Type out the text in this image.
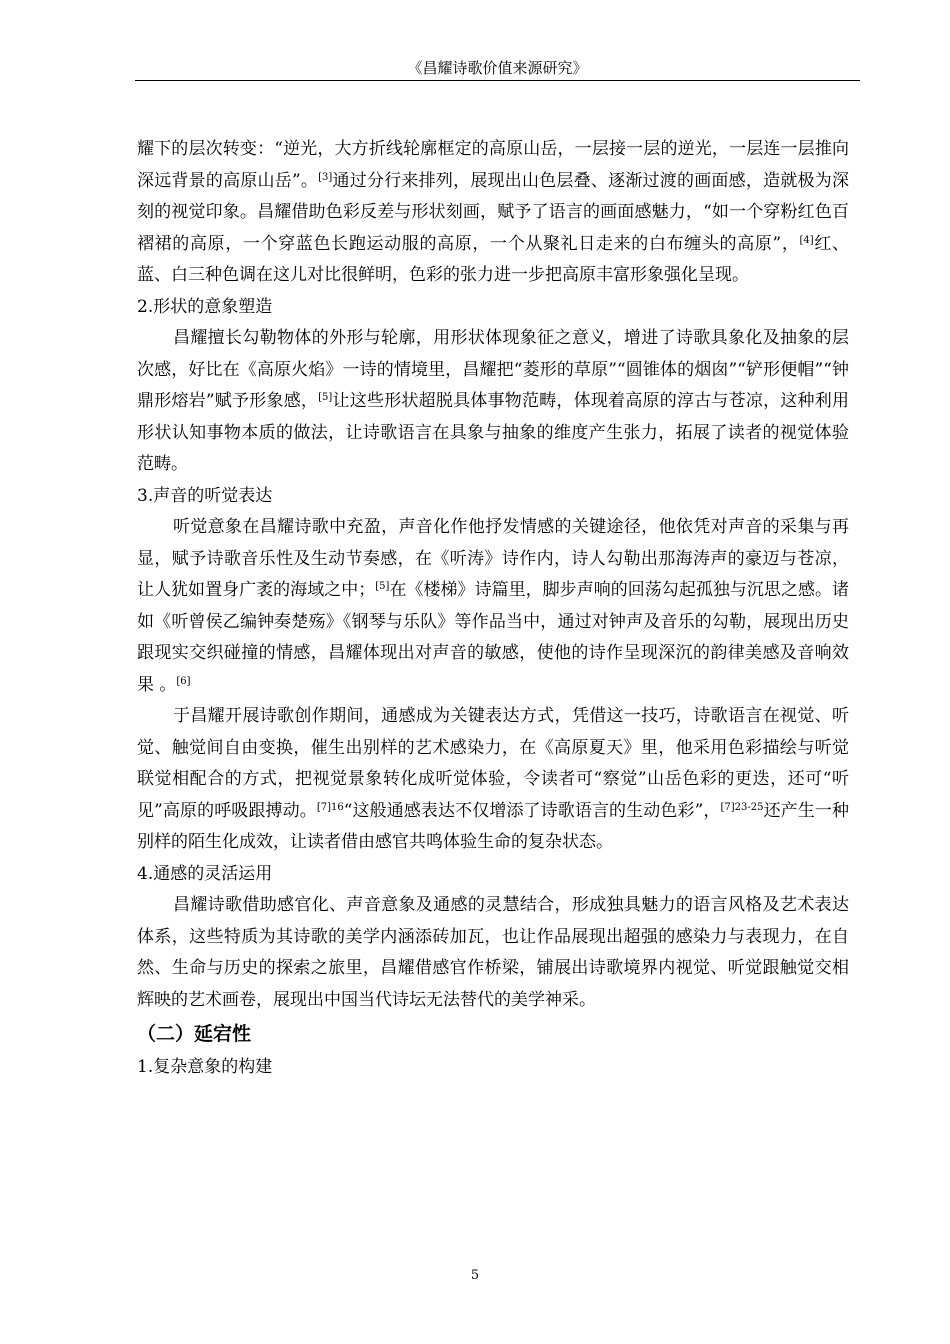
《昌耀诗歌价值来源研究》

耀下的层次转变：“逆光，大方折线轮廓框定的高原山岳，一层接一层的逆光，一层连一层推向深远背景的高原山岳”。[3]通过分行来排列，展现出山色层叠、逐渐过渡的画面感，造就极为深刻的视觉印象。昌耀借助色彩反差与形状刻画，赋予了语言的画面感魅力，“如一个穿粉红色百褶裙的高原，一个穿蓝色长跑运动服的高原，一个从聚礼日走来的白布缠头的高原”，[4]红、蓝、白三种色调在这儿对比很鲜明，色彩的张力进一步把高原丰富形象强化呈现。

2.形状的意象塑造

昌耀擅长勾勒物体的外形与轮廓，用形状体现象征之意义，增进了诗歌具象化及抽象的层次感，好比在《高原火焰》一诗的情境里，昌耀把“菱形的草原”“圆锥体的烟囱”“铲形便帽”“钟鼎形熔岩”赋予形象感，[5]让这些形状超脱具体事物范畴，体现着高原的淳古与苍凉，这种利用形状认知事物本质的做法，让诗歌语言在具象与抽象的维度产生张力，拓展了读者的视觉体验范畴。

3.声音的听觉表达

听觉意象在昌耀诗歌中充盈，声音化作他抒发情感的关键途径，他依凭对声音的采集与再显，赋予诗歌音乐性及生动节奏感，在《听涛》诗作内，诗人勾勒出那海涛声的豪迈与苍凉，让人犹如置身广袤的海域之中；[5]在《楼梯》诗篇里，脚步声响的回荡勾起孤独与沉思之感。诸如《听曾侯乙编钟奏楚殇》《钢琴与乐队》等作品当中，通过对钟声及音乐的勾勒，展现出历史跟现实交织碰撞的情感，昌耀体现出对声音的敏感，使他的诗作呈现深沉的韵律美感及音响效果 。[6]

于昌耀开展诗歌创作期间，通感成为关键表达方式，凭借这一技巧，诗歌语言在视觉、听觉、触觉间自由变换，催生出别样的艺术感染力，在《高原夏天》里，他采用色彩描绘与听觉联觉相配合的方式，把视觉景象转化成听觉体验，令读者可“察觉”山岳色彩的更迭，还可“听见”高原的呼吸跟搏动。$^{[7]16}$“这般通感表达不仅增添了诗歌语言的生动色彩”，$^{[7]23-25}$还产生一种别样的陌生化成效，让读者借由感官共鸣体验生命的复杂状态。

4.通感的灵活运用

昌耀诗歌借助感官化、声音意象及通感的灵慧结合，形成独具魅力的语言风格及艺术表达体系，这些特质为其诗歌的美学内涵添砖加瓦，也让作品展现出超强的感染力与表现力，在自然、生命与历史的探索之旅里，昌耀借感官作桥梁，铺展出诗歌境界内视觉、听觉跟触觉交相辉映的艺术画卷，展现出中国当代诗坛无法替代的美学神采。

（二）延宕性

1.复杂意象的构建

5
